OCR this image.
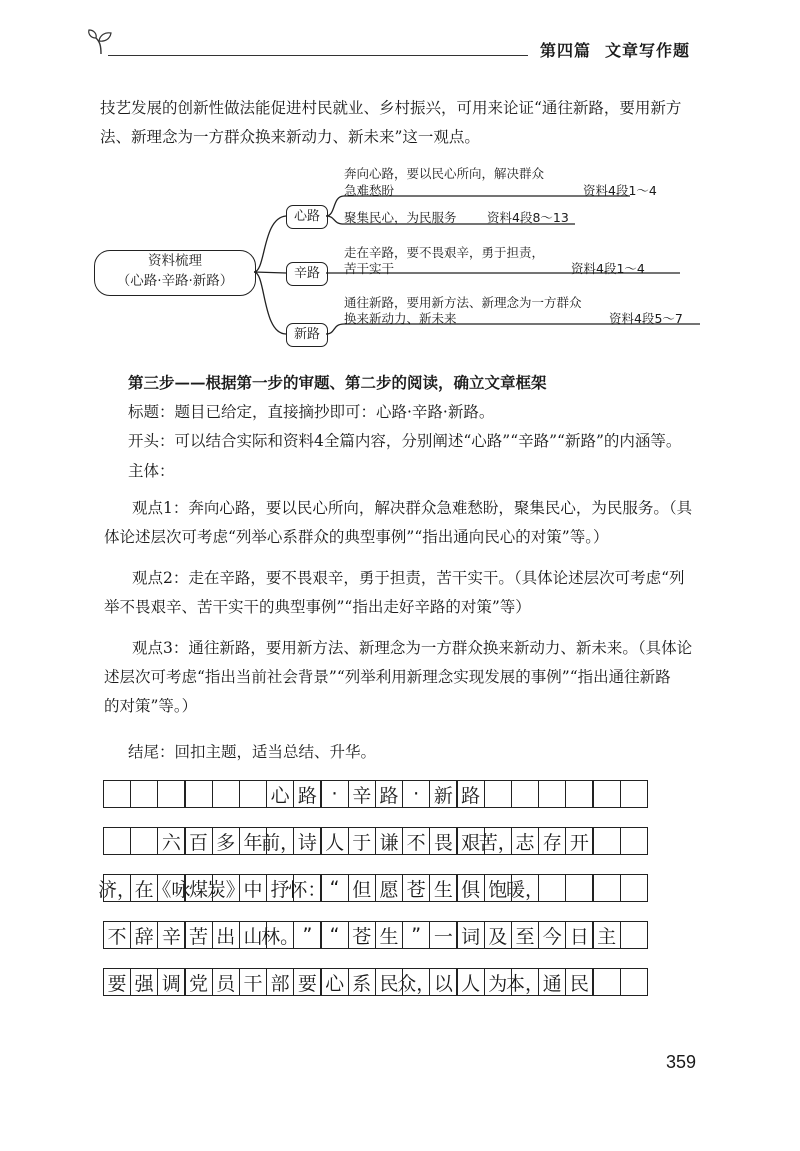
第四篇 文章写作题
技艺发展的创新性做法能促进村民就业、乡村振兴，可用来论证“通往新路，要用新方
法、新理念为一方群众换来新动力、新未来”这一观点。
资料梳理
（心路·辛路·新路）
心路
辛路
新路
奔向心路，要以民心所向，解决群众
急难愁盼	资料4段1～4
聚集民心，为民服务 资料4段8～13
走在辛路，要不畏艰辛，勇于担责，
苦干实干	资料4段1～4
通往新路，要用新方法、新理念为一方群众
换来新动力、新未来	资料4段5～7
第三步——根据第一步的审题、第二步的阅读，确立文章框架
标题：题目已给定，直接摘抄即可：心路·辛路·新路。
开头：可以结合实际和资料4全篇内容，分别阐述“心路”“辛路”“新路”的内涵等。
主体：
观点1：奔向心路，要以民心所向，解决群众急难愁盼，聚集民心，为民服务。（具
体论述层次可考虑“列举心系群众的典型事例”“指出通向民心的对策”等。）
观点2：走在辛路，要不畏艰辛，勇于担责，苦干实干。（具体论述层次可考虑“列
举不畏艰辛、苦干实干的典型事例”“指出走好辛路的对策”等）
观点3：通往新路，要用新方法、新理念为一方群众换来新动力、新未来。（具体论
述层次可考虑“指出当前社会背景”“列举利用新理念实现发展的事例”“指出通往新路
的对策”等。）
结尾：回扣主题，适当总结、升华。
心 路 · 辛 路 · 新 路
六 百 多 年
前，
诗 人 于 谦 不 畏 艰
苦，
志 存 开
济，
在
《咏
煤
炭》
中 抒
怀： “ 但 愿 苍 生 俱 饱
暖，
不 辞 辛 苦 出 山
林。 ” “ 苍 生 ” 一 词 及 至 今 日 主
要 强 调 党 员 干 部 要 心 系 民
众，
以 人 为
本，
通 民
359
